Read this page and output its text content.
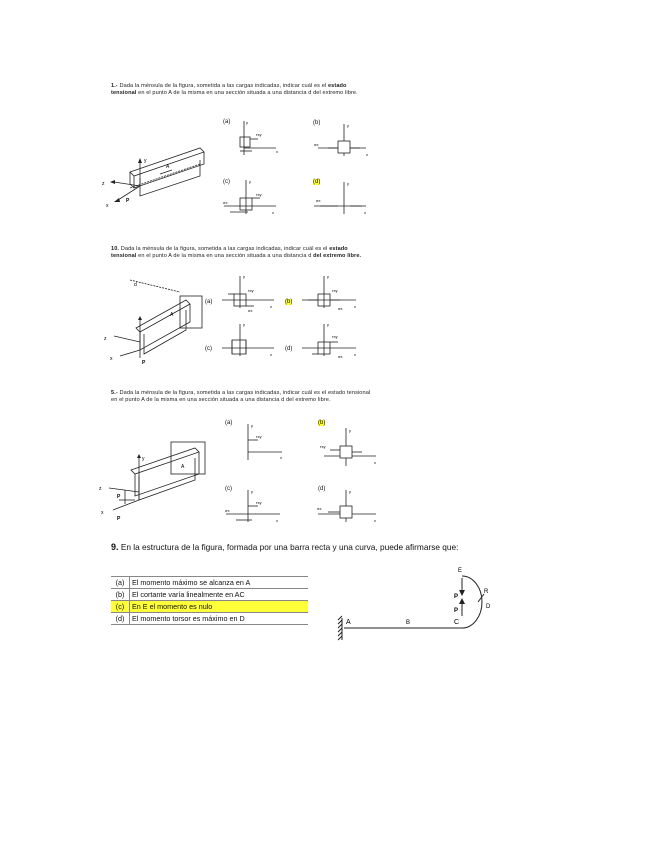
1.- Dada la ménsula de la figura, sometida a las cargas indicadas, indicar cuál es el estado tensional en el punto A de la misma en una sección situada a una distancia d del extremo libre.
y
z
x
P
A
(a)	y
x
τxy
(b)	y
x
σx
(c)	y
x
τxy
σx
(d)	y
x
σx
10. Dada la ménsula de la figura, sometida a las cargas indicadas, indicar cuál es el estado tensional en el punto A de la misma en una sección situada a una distancia d del extremo libre.
d
z
x
P
A
(a)
y
x
τxy
σx
(b)
y
x
τxy
σx
(c)
y
x
(d)
y
x
τxy
σx
5.- Dada la ménsula de la figura, sometida a las cargas indicadas, indicar cuál es el estado tensional en el punto A de la misma en una sección situada a una distancia d del extremo libre.
y
z
x
P
P
A
(a)	y
x
τxy
(b)
y
x
τxy
(c)	y
x
τxy
σx
(d)	y
x
σx
9. En la estructura de la figura, formada por una barra recta y una curva, puede afirmarse que:
(a)	El momento máximo se alcanza en A
(b)	El cortante varía linealmente en AC
(c)	En E el momento es nulo
(d)	El momento torsor es máximo en D	A	B	C
D
E
R
P
P
